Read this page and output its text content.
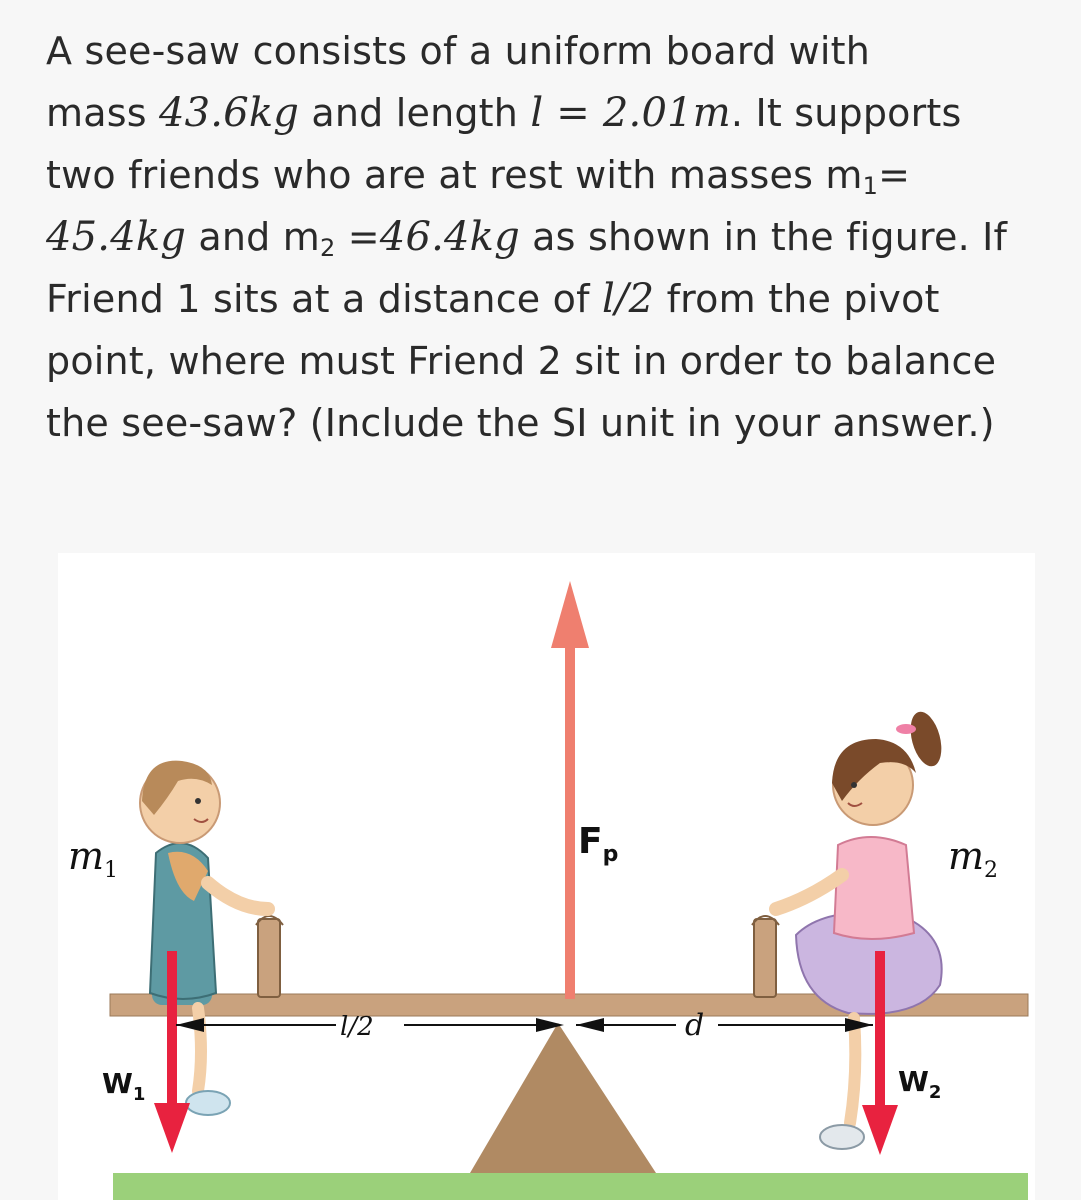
A see-saw consists of a uniform board with
mass 43.6kg and length l = 2.01m. It supports
two friends who are at rest with masses $m_1=$
45.4kg and $m_2 =46.4kg$ as shown in the figure. If
Friend 1 sits at a distance of l/2 from the pivot
point, where must Friend 2 sit in order to balance
the see-saw? (Include the SI unit in your answer.)
$m_1$	$m_2$
$F_p$
$W_1$	$W_2$
l/2	d
